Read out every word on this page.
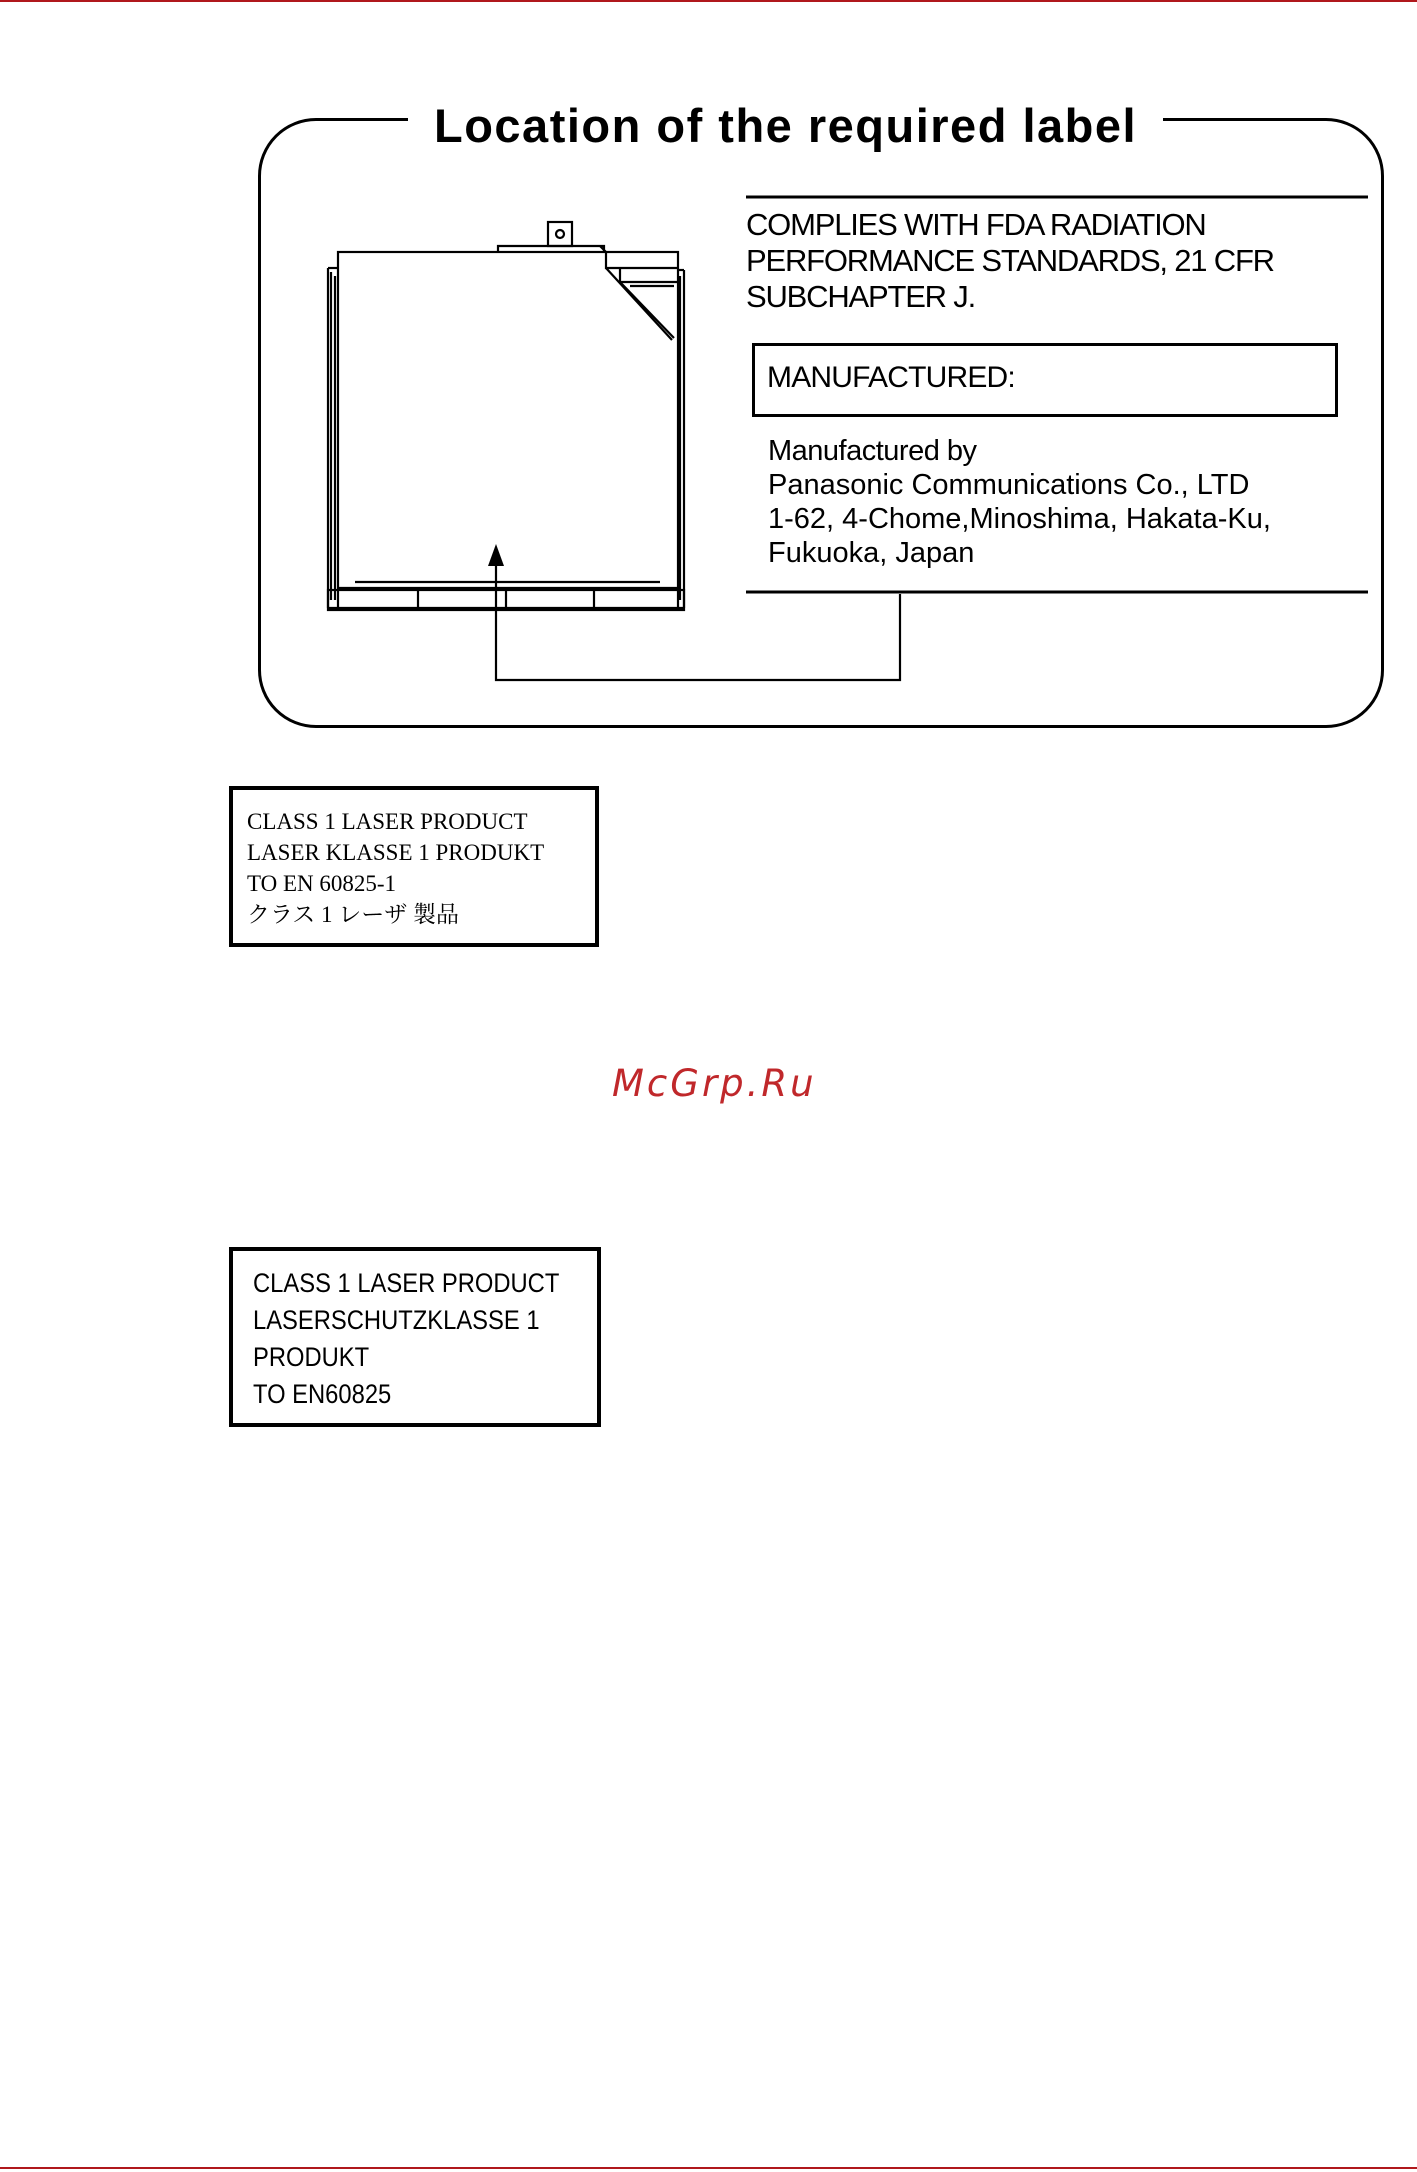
Location of the required label
COMPLIES WITH FDA RADIATION
PERFORMANCE STANDARDS, 21 CFR
SUBCHAPTER J.
MANUFACTURED:
Manufactured by
Panasonic Communications Co., LTD
1-62, 4-Chome,Minoshima, Hakata-Ku,
Fukuoka, Japan
CLASS 1 LASER PRODUCT
LASER KLASSE 1 PRODUKT
TO EN 60825-1
クラス 1 レーザ 製品
McGrp.Ru
CLASS 1 LASER PRODUCT
LASERSCHUTZKLASSE 1
PRODUKT
TO EN60825
